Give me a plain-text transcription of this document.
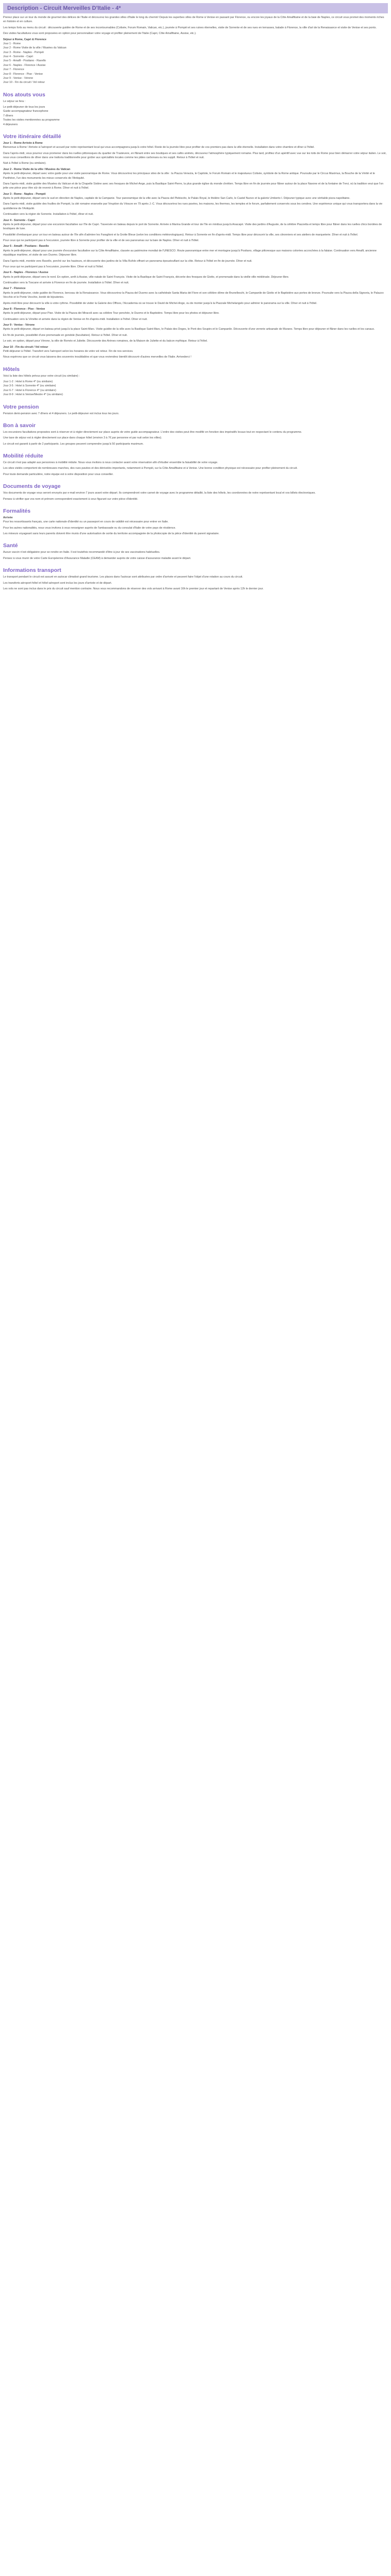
Description - Circuit Merveilles D'Italie - 4*

Prenez place sur un tour du monde de gourmet des délices de l'Italie et découvrez les grandes villes d'Italie le long du chemin! Depuis les superbes villes de Rome à Venise en passant par Florence, ou encore les joyaux de la Côte Amalfitaine et de la baie de Naples, ce circuit vous promet des moments riches en histoire et en culture.

Les temps forts au menu du circuit : découverte guidée de Rome et de ses incontournables (Colisée, Forum Romain, Vatican, etc.), journée à Pompéi et ses ruines éternelles, visite de Sorrente et de ses rues en terrasses, balade à Florence, la ville d'art de la Renaissance et visite de Venise et ses ponts.

Des visites facultatives vous sont proposées en option pour personnaliser votre voyage et profiter pleinement de l'Italie (Capri, Côte Amalfitaine, Assise, etc.).

Séjour à Rome, Capri & Florence
Jour 1 - Rome
Jour 2 - Rome Visite de la ville / Musées du Vatican
Jour 3 - Rome - Naples - Pompéi
Jour 4 - Sorrente - Capri
Jour 5 - Amalfi - Positano - Ravello
Jour 6 - Naples - Florence / Assise
Jour 7 - Florence
Jour 8 - Florence - Pise - Venise
Jour 9 - Venise - Vérone
Jour 10 - Fin du circuit / Vol retour
Nos atouts vous

Le séjour se fera :

Le petit-déjeuner de tous les jours
Guide accompagnateur francophone
7 dîners
Toutes les visites mentionnées au programme
4 déjeuners
Votre itinéraire détaillé
Jour 1 - Rome Arrivée à Rome

Bienvenue à Rome ! Arrivée à l'aéroport et accueil par notre représentant local qui vous accompagnera jusqu'à votre hôtel. Reste de la journée libre pour profiter de vos premiers pas dans la ville éternelle. Installation dans votre chambre et dîner à l'hôtel.

Dans l'après-midi, vous pourrez vous promener dans les ruelles pittoresques du quartier de Trastevere, en flânant entre ses boutiques et ses cafés animés, découvrez l'atmosphère typiquement romaine. Plus tard, profitez d'un apéritif avec vue sur les toits de Rome pour bien démarrer votre séjour italien. Le soir, nous vous conseillons de dîner dans une trattoria traditionnelle pour goûter aux spécialités locales comme les pâtes carbonara ou les supplì. Retour à l'hôtel et nuit.

Nuit à l'hôtel à Rome (ou similaire).

Jour 2 - Rome Visite de la ville / Musées du Vatican

Après le petit-déjeuner, départ avec votre guide pour une visite panoramique de Rome. Vous découvrirez les principaux sites de la ville : la Piazza Venezia, le Capitole, le Forum Romain et le majestueux Colisée, symbole de la Rome antique. Poursuite par le Circus Maximus, la Bouche de la Vérité et le Panthéon, l'un des monuments les mieux conservés de l'Antiquité.

Dans l'après-midi, visite guidée des Musées du Vatican et de la Chapelle Sixtine avec ses fresques de Michel-Ange, puis la Basilique Saint-Pierre, la plus grande église du monde chrétien. Temps libre en fin de journée pour flâner autour de la place Navone et de la fontaine de Trevi, où la tradition veut que l'on jette une pièce pour être sûr de revenir à Rome. Dîner et nuit à l'hôtel.

Jour 3 - Rome - Naples - Pompéi

Après le petit-déjeuner, départ vers le sud en direction de Naples, capitale de la Campanie. Tour panoramique de la ville avec la Piazza del Plebiscito, le Palais Royal, le théâtre San Carlo, le Castel Nuovo et la galerie Umberto I. Déjeuner typique avec une véritable pizza napolitaine.

Dans l'après-midi, visite guidée des fouilles de Pompéi, la cité romaine ensevelie par l'éruption du Vésuve en 79 après J.-C. Vous découvrirez les rues pavées, les maisons, les thermes, les temples et le forum, parfaitement conservés sous les cendres. Une expérience unique qui vous transportera dans la vie quotidienne de l'Antiquité.

Continuation vers la région de Sorrente. Installation à l'hôtel, dîner et nuit.

Jour 4 - Sorrente - Capri

Après le petit-déjeuner, départ pour une excursion facultative sur l'île de Capri. Traversée en bateau depuis le port de Sorrente. Arrivée à Marina Grande et tour de l'île en minibus jusqu'à Anacapri. Visite des jardins d'Auguste, de la célèbre Piazzetta et temps libre pour flâner dans les ruelles chics bordées de boutiques de luxe.

Possibilité d'embarquer pour un tour en bateau autour de l'île afin d'admirer les Faraglioni et la Grotte Bleue (selon les conditions météorologiques). Retour à Sorrente en fin d'après-midi. Temps libre pour découvrir la ville, ses citronniers et ses ateliers de marqueterie. Dîner et nuit à l'hôtel.

Pour ceux qui ne participent pas à l'excursion, journée libre à Sorrente pour profiter de la ville et de ses panoramas sur la baie de Naples. Dîner et nuit à l'hôtel.

Jour 5 - Amalfi - Positano - Ravello

Après le petit-déjeuner, départ pour une journée d'excursion facultative sur la Côte Amalfitaine, classée au patrimoine mondial de l'UNESCO. Route panoramique entre mer et montagne jusqu'à Positano, village pittoresque aux maisons colorées accrochées à la falaise. Continuation vers Amalfi, ancienne république maritime, et visite de son Duomo. Déjeuner libre.

Dans l'après-midi, montée vers Ravello, perché sur les hauteurs, et découverte des jardins de la Villa Rufolo offrant un panorama époustouflant sur la côte. Retour à l'hôtel en fin de journée. Dîner et nuit.

Pour ceux qui ne participent pas à l'excursion, journée libre. Dîner et nuit à l'hôtel.

Jour 6 - Naples - Florence / Assise

Après le petit-déjeuner, départ vers le nord. En option, arrêt à Assise, ville natale de Saint François. Visite de la Basilique de Saint François, décorée des fresques de Giotto, et promenade dans la vieille ville médiévale. Déjeuner libre.

Continuation vers la Toscane et arrivée à Florence en fin de journée. Installation à l'hôtel. Dîner et nuit.

Jour 7 - Florence

Après le petit-déjeuner, visite guidée de Florence, berceau de la Renaissance. Vous découvrirez la Piazza del Duomo avec la cathédrale Santa Maria del Fiore et son célèbre dôme de Brunelleschi, le Campanile de Giotto et le Baptistère aux portes de bronze. Poursuite vers la Piazza della Signoria, le Palazzo Vecchio et le Ponte Vecchio, bordé de bijouteries.

Après-midi libre pour découvrir la ville à votre rythme. Possibilité de visiter la Galerie des Offices, l'Accademia où se trouve le David de Michel-Ange, ou de monter jusqu'à la Piazzale Michelangelo pour admirer le panorama sur la ville. Dîner et nuit à l'hôtel.

Jour 8 - Florence - Pise - Venise

Après le petit-déjeuner, départ pour Pise. Visite de la Piazza dei Miracoli avec sa célèbre Tour penchée, le Duomo et le Baptistère. Temps libre pour les photos et déjeuner libre.

Continuation vers la Vénétie et arrivée dans la région de Venise en fin d'après-midi. Installation à l'hôtel. Dîner et nuit.

Jour 9 - Venise - Vérone

Après le petit-déjeuner, départ en bateau privé jusqu'à la place Saint-Marc. Visite guidée de la ville avec la Basilique Saint-Marc, le Palais des Doges, le Pont des Soupirs et le Campanile. Découverte d'une verrerie artisanale de Murano. Temps libre pour déjeuner et flâner dans les ruelles et les canaux.

En fin de journée, possibilité d'une promenade en gondole (facultative). Retour à l'hôtel. Dîner et nuit.

Le soir, en option, départ pour Vérone, la ville de Roméo et Juliette. Découverte des Arènes romaines, de la Maison de Juliette et du balcon mythique. Retour à l'hôtel.

Jour 10 - Fin du circuit / Vol retour

Petit-déjeuner à l'hôtel. Transfert vers l'aéroport selon les horaires de votre vol retour. Fin de nos services.

Nous espérons que ce circuit vous laissera des souvenirs inoubliables et que vous reviendrez bientôt découvrir d'autres merveilles de l'Italie. Arrivederci !

Hôtels

Voici la liste des hôtels prévus pour votre circuit (ou similaire) :

Jour 1-2 : Hotel à Rome 4* (ou similaire)
Jour 3-5 : Hotel à Sorrente 4* (ou similaire)
Jour 6-7 : Hotel à Florence 4* (ou similaire)
Jour 8-9 : Hotel à Venise/Mestre 4* (ou similaire)
Votre pension

Pension demi-pension avec 7 dîners et 4 déjeuners. Le petit-déjeuner est inclus tous les jours.

Bon à savoir

Les excursions facultatives proposées sont à réserver et à régler directement sur place auprès de votre guide accompagnateur. L'ordre des visites peut être modifié en fonction des impératifs locaux tout en respectant le contenu du programme.

Une taxe de séjour est à régler directement sur place dans chaque hôtel (environ 3 à 7€ par personne et par nuit selon les villes).

Le circuit est garanti à partir de 2 participants. Les groupes peuvent comprendre jusqu'à 50 participants maximum.

Mobilité réduite

Ce circuit n'est pas adapté aux personnes à mobilité réduite. Nous vous invitons à nous contacter avant votre réservation afin d'étudier ensemble la faisabilité de votre voyage.

Les sites visités comportent de nombreuses marches, des rues pavées et des dénivelés importants, notamment à Pompéi, sur la Côte Amalfitaine et à Venise. Une bonne condition physique est nécessaire pour profiter pleinement du circuit.

Pour toute demande particulière, notre équipe est à votre disposition pour vous conseiller.

Documents de voyage

Vos documents de voyage vous seront envoyés par e-mail environ 7 jours avant votre départ. Ils comprendront votre carnet de voyage avec le programme détaillé, la liste des hôtels, les coordonnées de notre représentant local et vos billets électroniques.

Pensez à vérifier que vos nom et prénom correspondent exactement à ceux figurant sur votre pièce d'identité.

Formalités
Arrivée

Pour les ressortissants français, une carte nationale d'identité ou un passeport en cours de validité est nécessaire pour entrer en Italie.

Pour les autres nationalités, nous vous invitons à vous renseigner auprès de l'ambassade ou du consulat d'Italie de votre pays de résidence.

Les mineurs voyageant sans leurs parents doivent être munis d'une autorisation de sortie du territoire accompagnée de la photocopie de la pièce d'identité du parent signataire.

Santé

Aucun vaccin n'est obligatoire pour se rendre en Italie. Il est toutefois recommandé d'être à jour de ses vaccinations habituelles.

Pensez à vous munir de votre Carte Européenne d'Assurance Maladie (CEAM) à demander auprès de votre caisse d'assurance maladie avant le départ.

Informations transport

Le transport pendant le circuit est assuré en autocar climatisé grand tourisme. Les places dans l'autocar sont attribuées par ordre d'arrivée et peuvent faire l'objet d'une rotation au cours du circuit.

Les transferts aéroport-hôtel et hôtel-aéroport sont inclus les jours d'arrivée et de départ.

Les vols ne sont pas inclus dans le prix du circuit sauf mention contraire. Nous vous recommandons de réserver des vols arrivant à Rome avant 16h le premier jour et repartant de Venise après 12h le dernier jour.
